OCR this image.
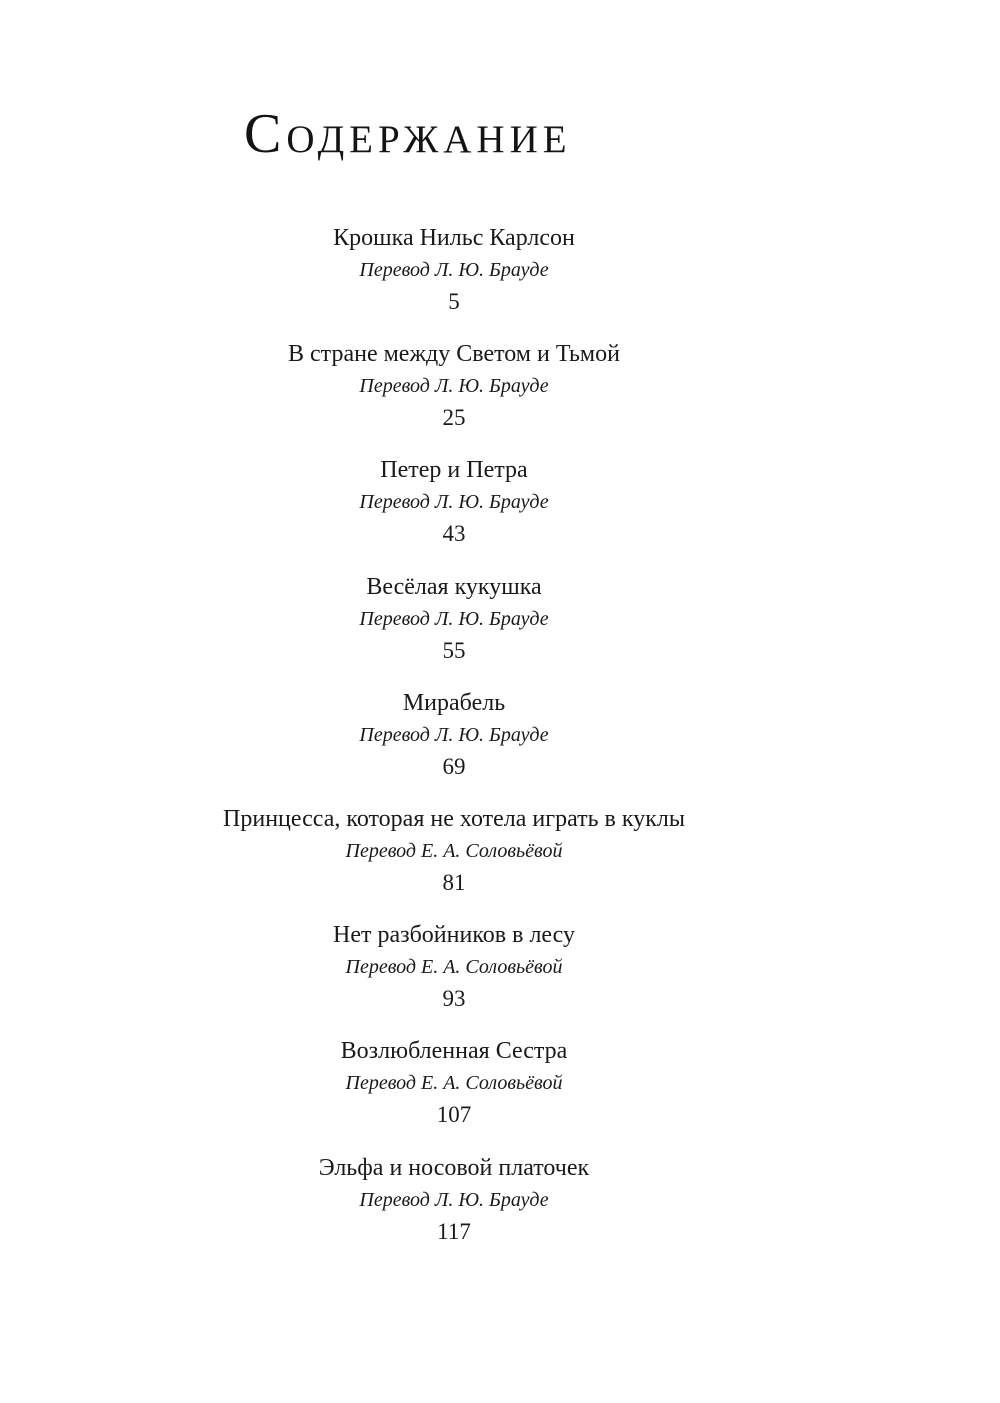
Содержание
Крошка Нильс Карлсон
Перевод Л. Ю. Брауде
5
В стране между Светом и Тьмой
Перевод Л. Ю. Брауде
25
Петер и Петра
Перевод Л. Ю. Брауде
43
Весёлая кукушка
Перевод Л. Ю. Брауде
55
Мирабель
Перевод Л. Ю. Брауде
69
Принцесса, которая не хотела играть в куклы
Перевод Е. А. Соловьёвой
81
Нет разбойников в лесу
Перевод Е. А. Соловьёвой
93
Возлюбленная Сестра
Перевод Е. А. Соловьёвой
107
Эльфа и носовой платочек
Перевод Л. Ю. Брауде
117
